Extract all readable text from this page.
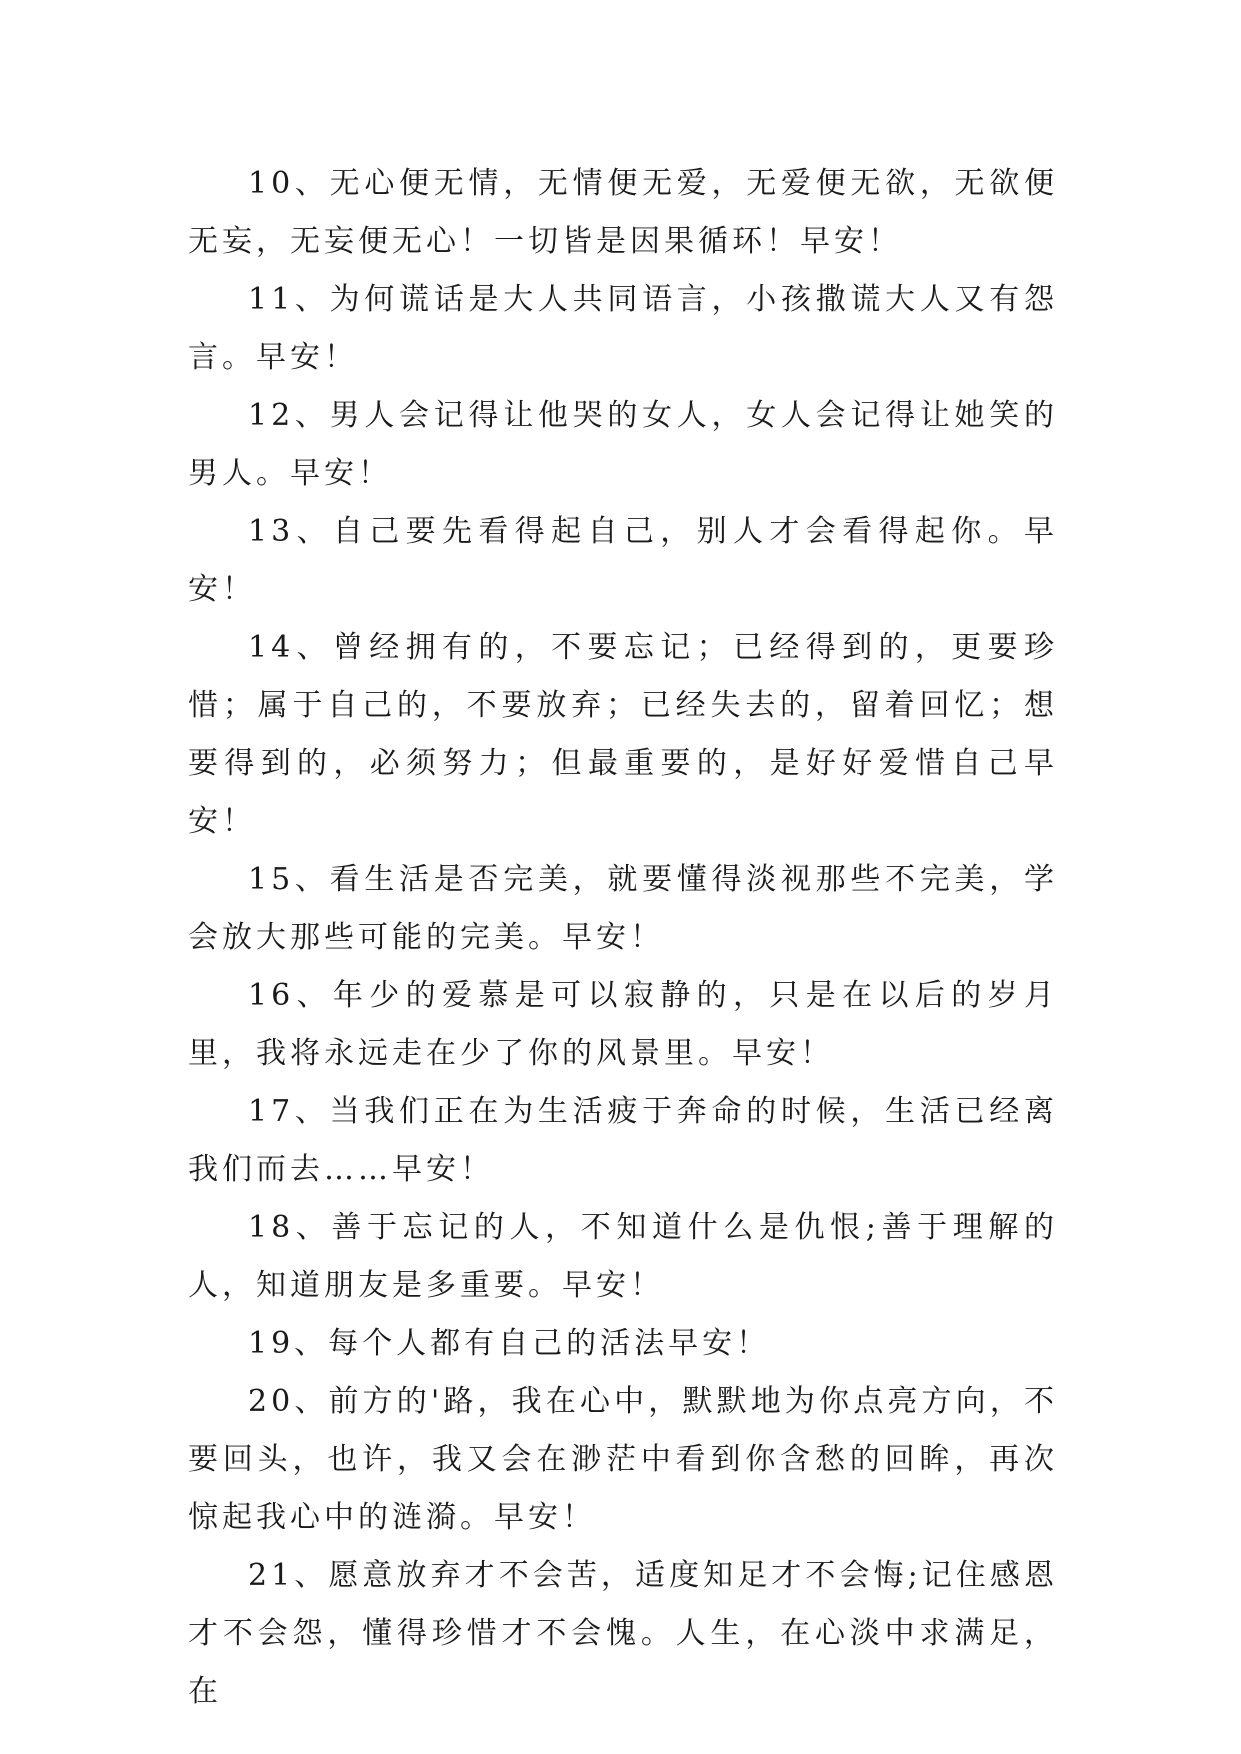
10、无心便无情，无情便无爱，无爱便无欲，无欲便无妄，无妄便无心！一切皆是因果循环！早安！

11、为何谎话是大人共同语言，小孩撒谎大人又有怨言。早安！

12、男人会记得让他哭的女人，女人会记得让她笑的男人。早安！

13、自己要先看得起自己，别人才会看得起你。早安！

14、曾经拥有的，不要忘记；已经得到的，更要珍惜；属于自己的，不要放弃；已经失去的，留着回忆；想要得到的，必须努力；但最重要的，是好好爱惜自己早安！

15、看生活是否完美，就要懂得淡视那些不完美，学会放大那些可能的完美。早安！

16、年少的爱慕是可以寂静的，只是在以后的岁月里，我将永远走在少了你的风景里。早安！

17、当我们正在为生活疲于奔命的时候，生活已经离我们而去……早安！

18、善于忘记的人，不知道什么是仇恨;善于理解的人，知道朋友是多重要。早安！

19、每个人都有自己的活法早安！

20、前方的'路，我在心中，默默地为你点亮方向，不要回头，也许，我又会在渺茫中看到你含愁的回眸，再次惊起我心中的涟漪。早安！

21、愿意放弃才不会苦，适度知足才不会悔;记住感恩才不会怨，懂得珍惜才不会愧。人生，在心淡中求满足，在
